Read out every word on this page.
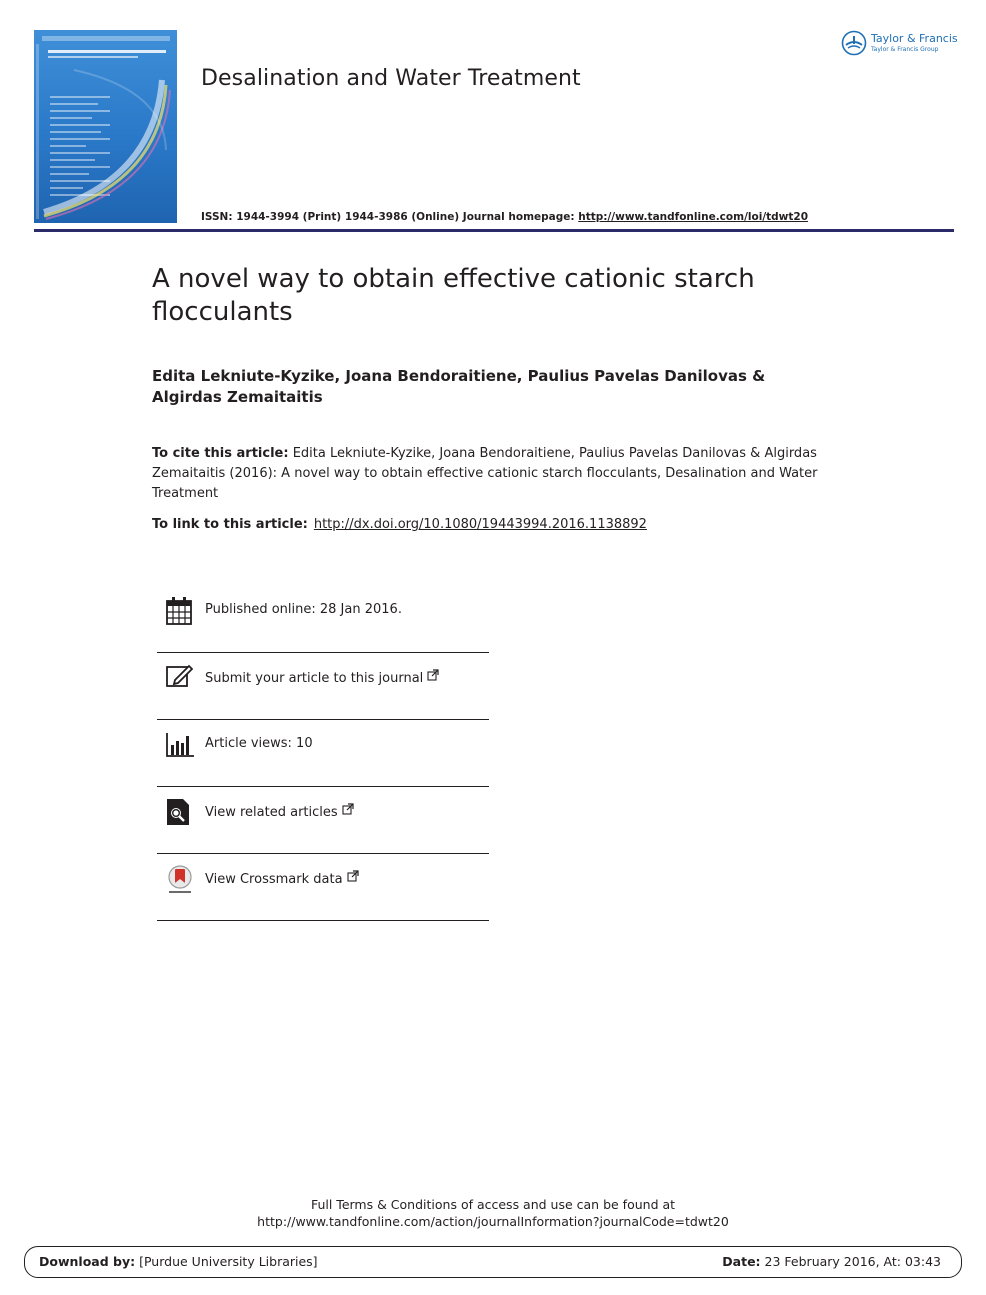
Desalination and Water Treatment
Taylor & Francis
Taylor & Francis Group
ISSN: 1944-3994 (Print) 1944-3986 (Online) Journal homepage: http://www.tandfonline.com/loi/tdwt20
A novel way to obtain effective cationic starch flocculants
Edita Lekniute-Kyzike, Joana Bendoraitiene, Paulius Pavelas Danilovas & Algirdas Zemaitaitis
To cite this article: Edita Lekniute-Kyzike, Joana Bendoraitiene, Paulius Pavelas Danilovas & Algirdas Zemaitaitis (2016): A novel way to obtain effective cationic starch flocculants, Desalination and Water Treatment
To link to this article: http://dx.doi.org/10.1080/19443994.2016.1138892
Published online: 28 Jan 2016.
Submit your article to this journal
Article views: 10
View related articles
View Crossmark data
Full Terms & Conditions of access and use can be found at
http://www.tandfonline.com/action/journalInformation?journalCode=tdwt20
Download by: [Purdue University Libraries]	Date: 23 February 2016, At: 03:43
